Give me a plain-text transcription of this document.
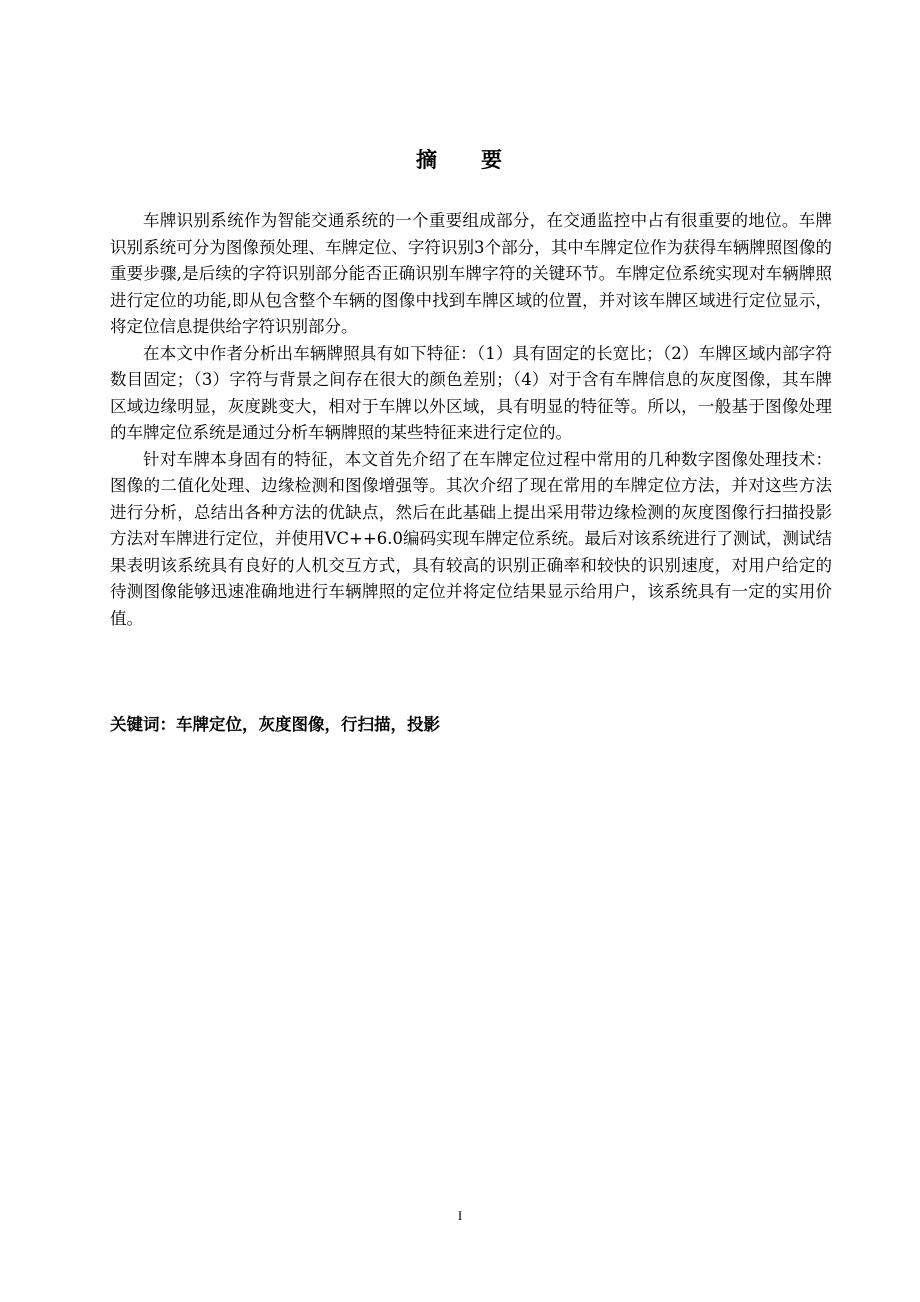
摘 要

车牌识别系统作为智能交通系统的一个重要组成部分，在交通监控中占有很重要的地位。车牌识别系统可分为图像预处理、车牌定位、字符识别3个部分，其中车牌定位作为获得车辆牌照图像的重要步骤,是后续的字符识别部分能否正确识别车牌字符的关键环节。车牌定位系统实现对车辆牌照进行定位的功能,即从包含整个车辆的图像中找到车牌区域的位置，并对该车牌区域进行定位显示，将定位信息提供给字符识别部分。

在本文中作者分析出车辆牌照具有如下特征：（1）具有固定的长宽比；（2）车牌区域内部字符数目固定；（3）字符与背景之间存在很大的颜色差别；（4）对于含有车牌信息的灰度图像，其车牌区域边缘明显，灰度跳变大，相对于车牌以外区域，具有明显的特征等。所以，一般基于图像处理的车牌定位系统是通过分析车辆牌照的某些特征来进行定位的。

针对车牌本身固有的特征，本文首先介绍了在车牌定位过程中常用的几种数字图像处理技术：图像的二值化处理、边缘检测和图像增强等。其次介绍了现在常用的车牌定位方法，并对这些方法进行分析，总结出各种方法的优缺点，然后在此基础上提出采用带边缘检测的灰度图像行扫描投影方法对车牌进行定位，并使用VC++6.0编码实现车牌定位系统。最后对该系统进行了测试，测试结果表明该系统具有良好的人机交互方式，具有较高的识别正确率和较快的识别速度，对用户给定的待测图像能够迅速准确地进行车辆牌照的定位并将定位结果显示给用户，该系统具有一定的实用价值。

关键词：车牌定位，灰度图像，行扫描，投影
I
